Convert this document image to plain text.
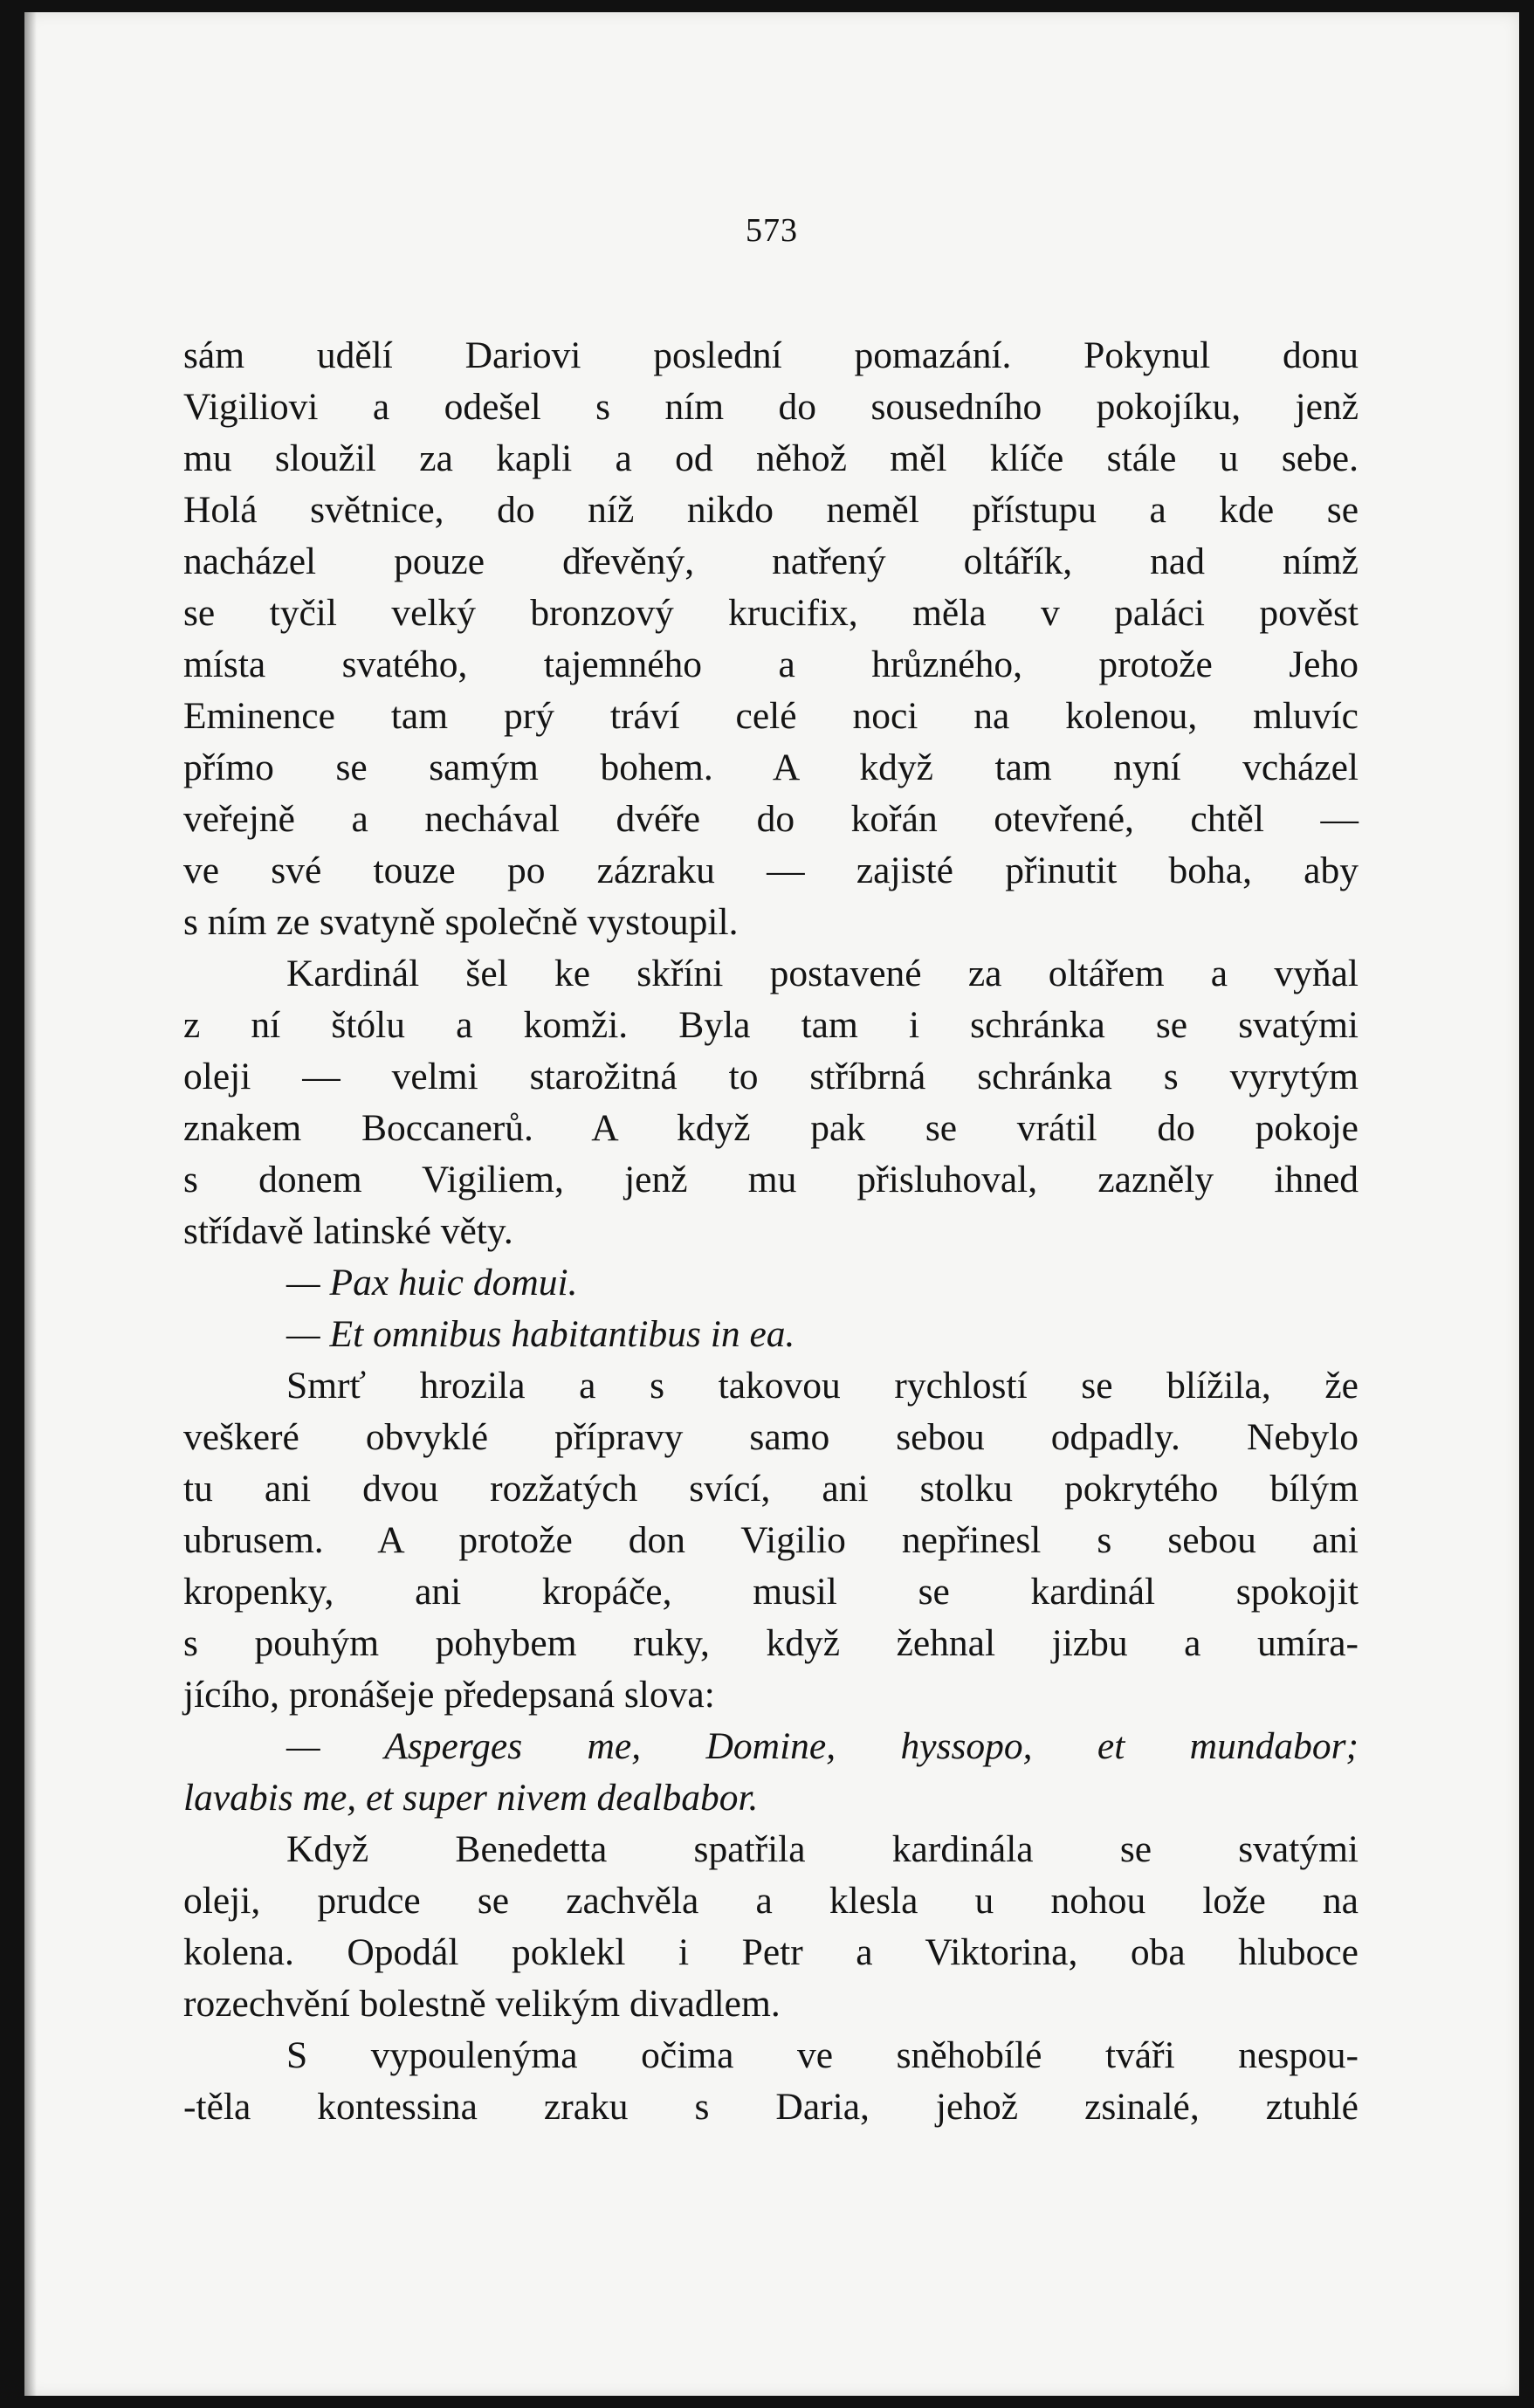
573
sám udělí Dariovi poslední pomazání. Pokynul donu
Vigiliovi a odešel s ním do sousedního pokojíku, jenž
mu sloužil za kapli a od něhož měl klíče stále u sebe.
Holá světnice, do níž nikdo neměl přístupu a kde se
nacházel pouze dřevěný, natřený oltářík, nad nímž
se tyčil velký bronzový krucifix, měla v paláci pověst
místa svatého, tajemného a hrůzného, protože Jeho
Eminence tam prý tráví celé noci na kolenou, mluvíc
přímo se samým bohem. A když tam nyní vcházel
veřejně a nechával dvéře do kořán otevřené, chtěl —
ve své touze po zázraku — zajisté přinutit boha, aby
s ním ze svatyně společně vystoupil.
Kardinál šel ke skříni postavené za oltářem a vyňal
z ní štólu a komži. Byla tam i schránka se svatými
oleji — velmi starožitná to stříbrná schránka s vyrytým
znakem Boccanerů. A když pak se vrátil do pokoje
s donem Vigiliem, jenž mu přisluhoval, zazněly ihned
střídavě latinské věty.
— Pax huic domui.
— Et omnibus habitantibus in ea.
Smrť hrozila a s takovou rychlostí se blížila, že
veškeré obvyklé přípravy samo sebou odpadly. Nebylo
tu ani dvou rozžatých svící, ani stolku pokrytého bílým
ubrusem. A protože don Vigilio nepřinesl s sebou ani
kropenky, ani kropáče, musil se kardinál spokojit
s pouhým pohybem ruky, když žehnal jizbu a umíra-
jícího, pronášeje předepsaná slova:
— Asperges me, Domine, hyssopo, et mundabor;
lavabis me, et super nivem dealbabor.
Když Benedetta spatřila kardinála se svatými
oleji, prudce se zachvěla a klesla u nohou lože na
kolena. Opodál poklekl i Petr a Viktorina, oba hluboce
rozechvění bolestně velikým divadlem.
S vypoulenýma očima ve sněhobílé tváři nespou-
-těla kontessina zraku s Daria, jehož zsinalé, ztuhlé
